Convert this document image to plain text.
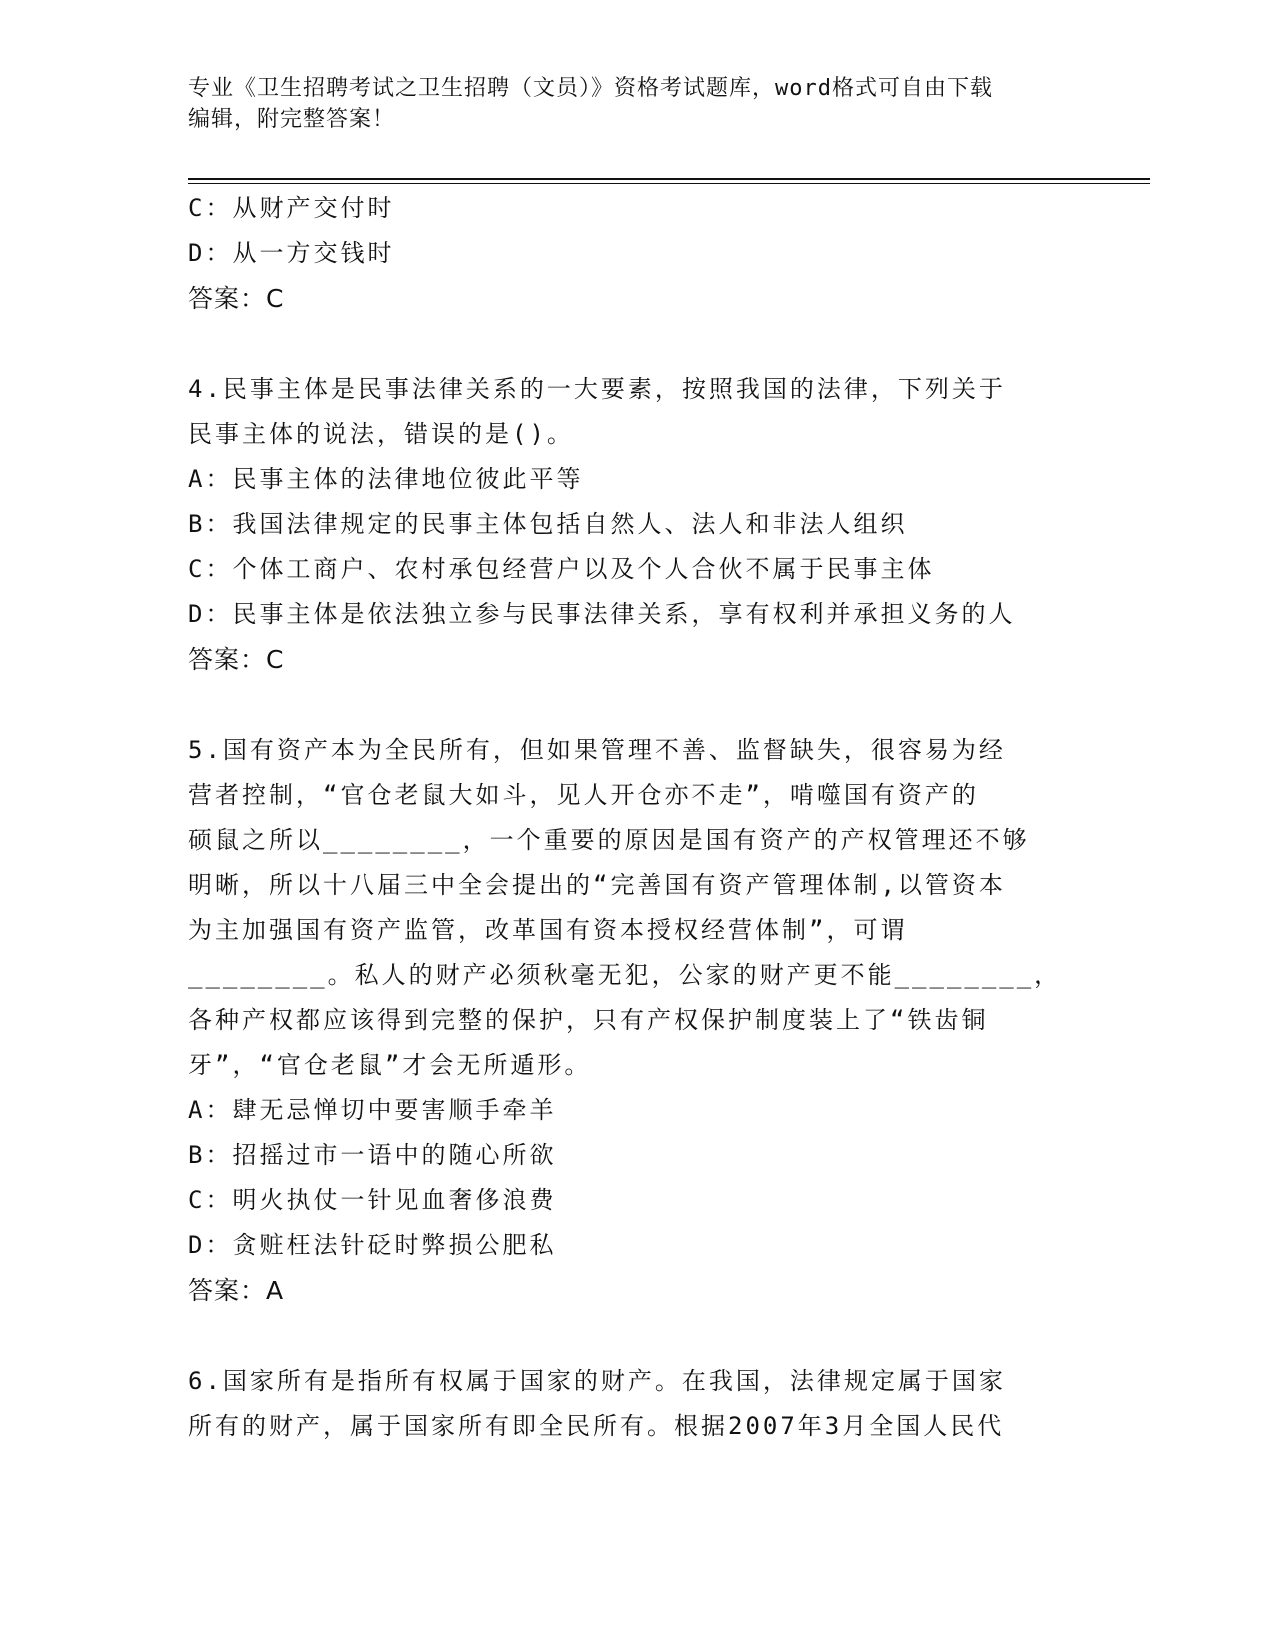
专业《卫生招聘考试之卫生招聘（文员）》资格考试题库，word格式可自由下载
编辑，附完整答案！
C：从财产交付时
D：从一方交钱时
答案：C
4.民事主体是民事法律关系的一大要素，按照我国的法律，下列关于
民事主体的说法，错误的是()。
A：民事主体的法律地位彼此平等
B：我国法律规定的民事主体包括自然人、法人和非法人组织
C：个体工商户、农村承包经营户以及个人合伙不属于民事主体
D：民事主体是依法独立参与民事法律关系，享有权利并承担义务的人
答案：C
5.国有资产本为全民所有，但如果管理不善、监督缺失，很容易为经
营者控制，“官仓老鼠大如斗，见人开仓亦不走”，啃噬国有资产的
硕鼠之所以________，一个重要的原因是国有资产的产权管理还不够
明晰，所以十八届三中全会提出的“完善国有资产管理体制,以管资本
为主加强国有资产监管，改革国有资本授权经营体制”，可谓
________。私人的财产必须秋毫无犯，公家的财产更不能________，
各种产权都应该得到完整的保护，只有产权保护制度装上了“铁齿铜
牙”，“官仓老鼠”才会无所遁形。
A：肆无忌惮切中要害顺手牵羊
B：招摇过市一语中的随心所欲
C：明火执仗一针见血奢侈浪费
D：贪赃枉法针砭时弊损公肥私
答案：A
6.国家所有是指所有权属于国家的财产。在我国，法律规定属于国家
所有的财产，属于国家所有即全民所有。根据2007年3月全国人民代
